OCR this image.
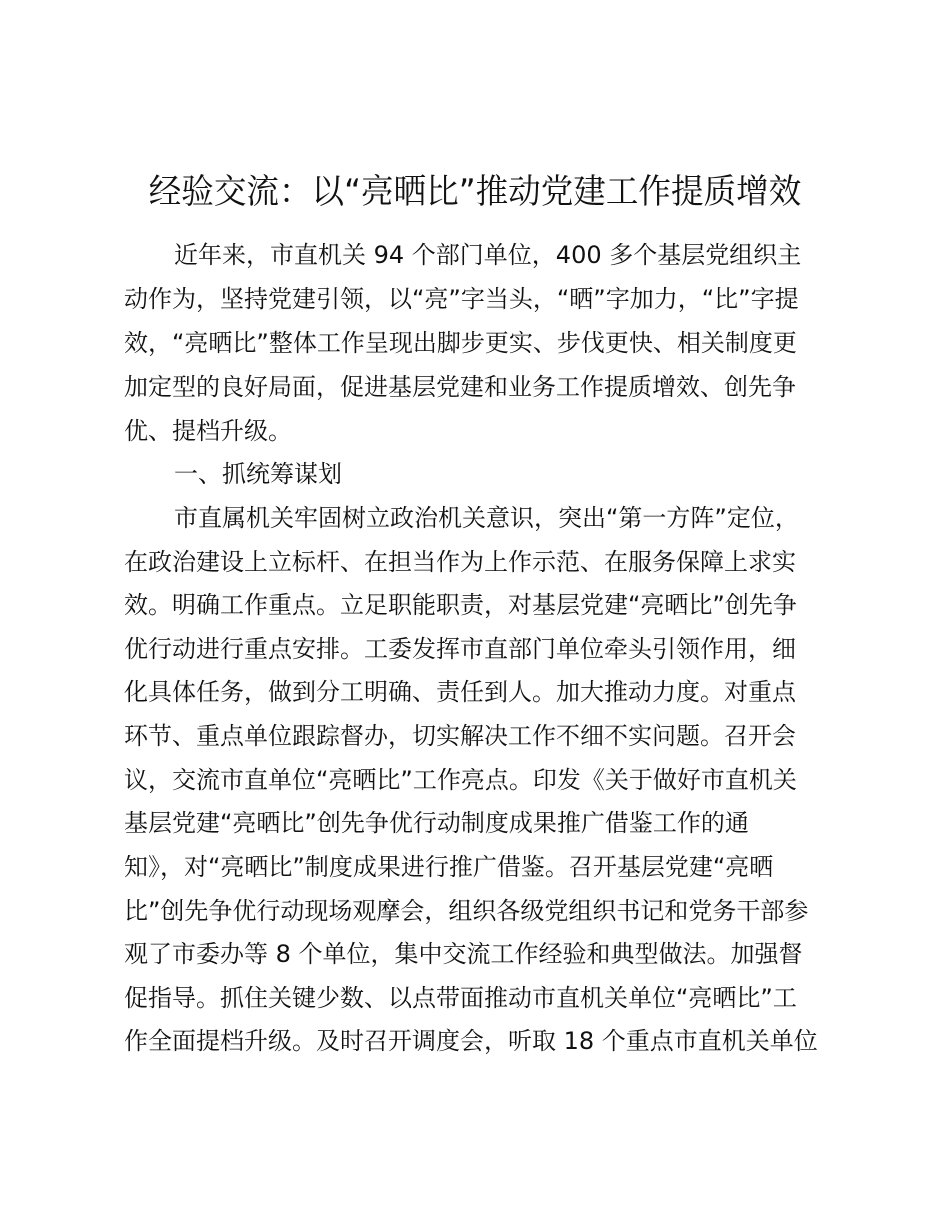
经验交流：以“亮晒比”推动党建工作提质增效
近年来，市直机关 94 个部门单位，400 多个基层党组织主
动作为，坚持党建引领，以“亮”字当头，“晒”字加力，“比”字提
效，“亮晒比”整体工作呈现出脚步更实、步伐更快、相关制度更
加定型的良好局面，促进基层党建和业务工作提质增效、创先争
优、提档升级。
一、抓统筹谋划
市直属机关牢固树立政治机关意识，突出“第一方阵”定位，
在政治建设上立标杆、在担当作为上作示范、在服务保障上求实
效。明确工作重点。立足职能职责，对基层党建“亮晒比”创先争
优行动进行重点安排。工委发挥市直部门单位牵头引领作用，细
化具体任务，做到分工明确、责任到人。加大推动力度。对重点
环节、重点单位跟踪督办，切实解决工作不细不实问题。召开会
议，交流市直单位“亮晒比”工作亮点。印发《关于做好市直机关
基层党建“亮晒比”创先争优行动制度成果推广借鉴工作的通
知》，对“亮晒比”制度成果进行推广借鉴。召开基层党建“亮晒
比”创先争优行动现场观摩会，组织各级党组织书记和党务干部参
观了市委办等 8 个单位，集中交流工作经验和典型做法。加强督
促指导。抓住关键少数、以点带面推动市直机关单位“亮晒比”工
作全面提档升级。及时召开调度会，听取 18 个重点市直机关单位
